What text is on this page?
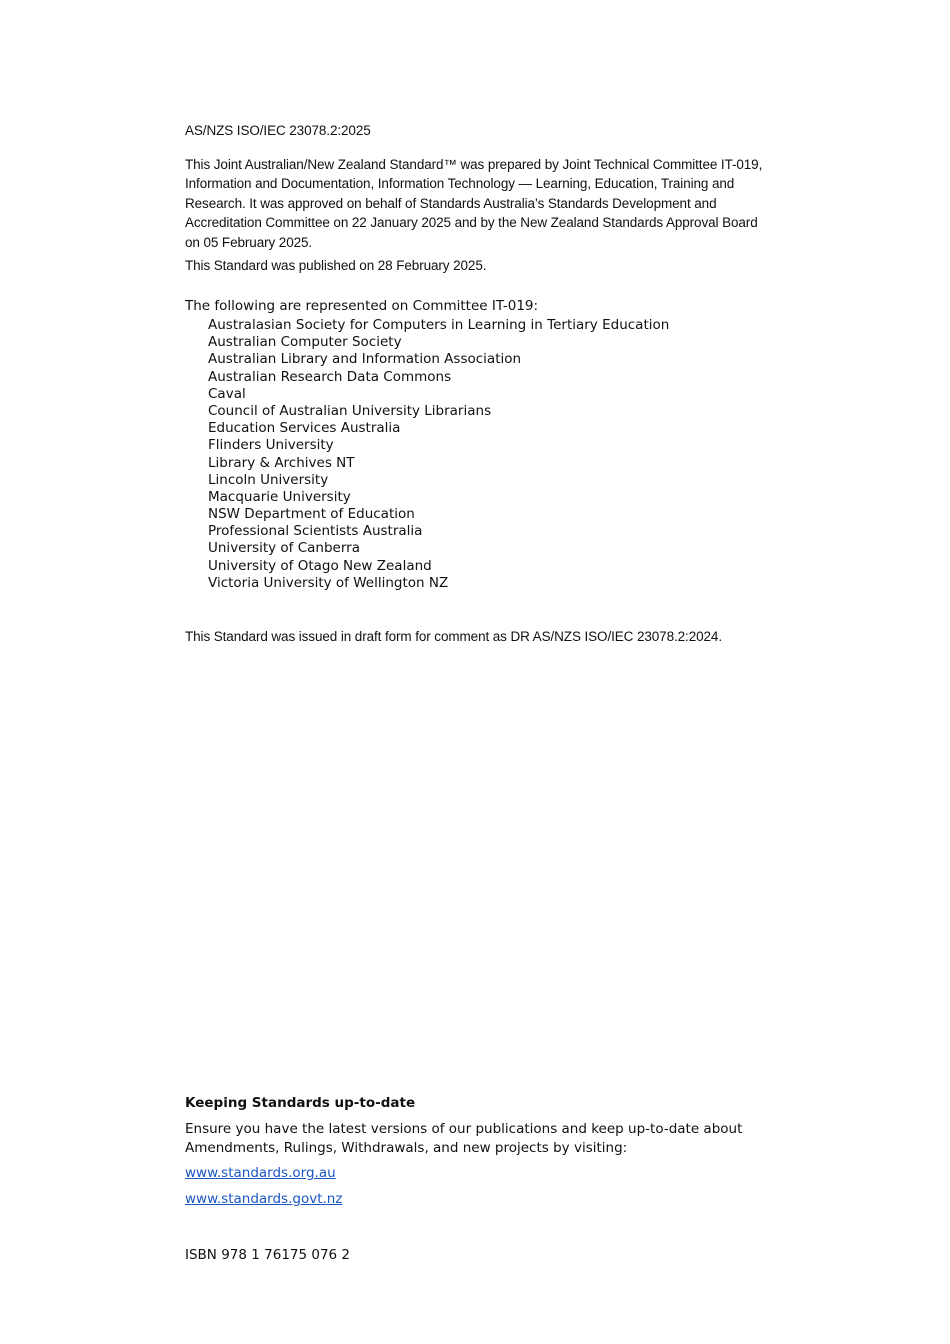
AS/NZS ISO/IEC 23078.2:2025

This Joint Australian/New Zealand Standard™ was prepared by Joint Technical Committee IT-019, Information and Documentation, Information Technology — Learning, Education, Training and Research. It was approved on behalf of Standards Australia’s Standards Development and Accreditation Committee on 22 January 2025 and by the New Zealand Standards Approval Board on 05 February 2025.

This Standard was published on 28 February 2025.

The following are represented on Committee IT-019:

Australasian Society for Computers in Learning in Tertiary Education
Australian Computer Society
Australian Library and Information Association
Australian Research Data Commons
Caval
Council of Australian University Librarians
Education Services Australia
Flinders University
Library & Archives NT
Lincoln University
Macquarie University
NSW Department of Education
Professional Scientists Australia
University of Canberra
University of Otago New Zealand
Victoria University of Wellington NZ

This Standard was issued in draft form for comment as DR AS/NZS ISO/IEC 23078.2:2024.

Keeping Standards up-to-date

Ensure you have the latest versions of our publications and keep up-to-date about Amendments, Rulings, Withdrawals, and new projects by visiting:

www.standards.org.au
www.standards.govt.nz

ISBN 978 1 76175 076 2
